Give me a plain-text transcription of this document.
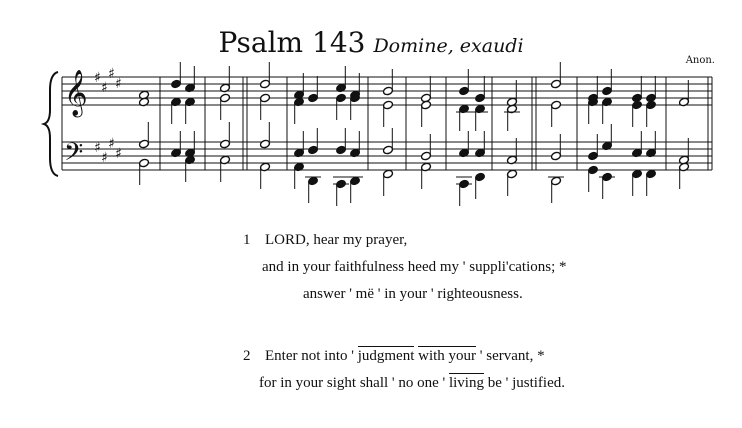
Psalm 143 Domine, exaudi
Anon.
𝄞
𝄢
♯
♯
♯
♯
♯
♯
♯
♯
1 LORD, hear my prayer,
and in your faithfulness heed my ' suppli'cations; *
answer ' më ' in your ' righteousness.
2 Enter not into ' judgment with your ' servant, *
for in your sight shall ' no one ' living be ' justified.
